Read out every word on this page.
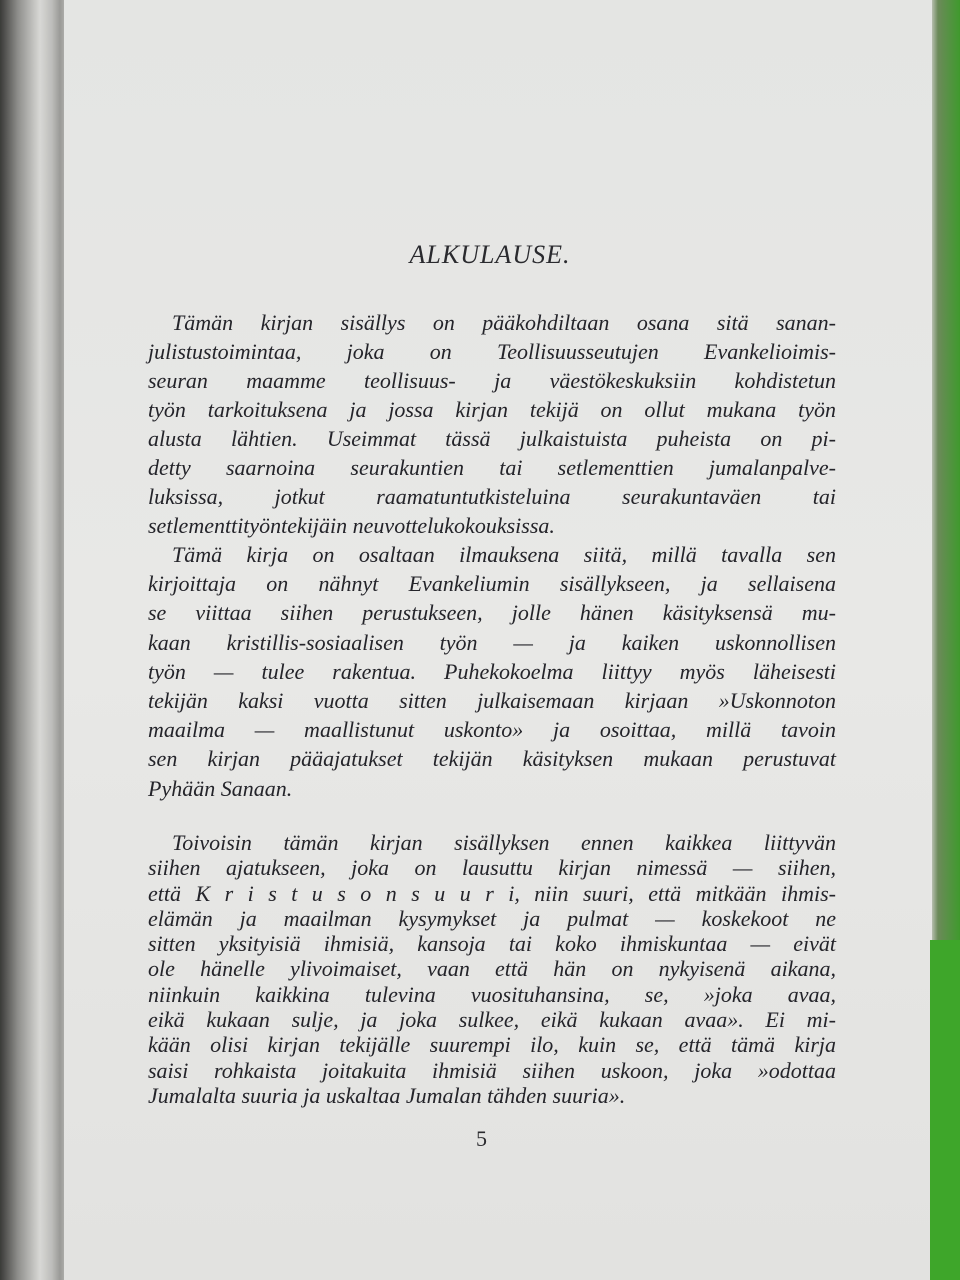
ALKULAUSE.
Tämän kirjan sisällys on pääkohdiltaan osana sitä sanan-
julistustoimintaa, joka on Teollisuusseutujen Evankelioimis-
seuran maamme teollisuus- ja väestökeskuksiin kohdistetun
työn tarkoituksena ja jossa kirjan tekijä on ollut mukana työn
alusta lähtien. Useimmat tässä julkaistuista puheista on pi-
detty saarnoina seurakuntien tai setlementtien jumalanpalve-
luksissa, jotkut raamatuntutkisteluina seurakuntaväen tai
setlementtityöntekijäin neuvottelukokouksissa.
Tämä kirja on osaltaan ilmauksena siitä, millä tavalla sen
kirjoittaja on nähnyt Evankeliumin sisällykseen, ja sellaisena
se viittaa siihen perustukseen, jolle hänen käsityksensä mu-
kaan kristillis-sosiaalisen työn — ja kaiken uskonnollisen
työn — tulee rakentua. Puhekokoelma liittyy myös läheisesti
tekijän kaksi vuotta sitten julkaisemaan kirjaan »Uskonnoton
maailma — maallistunut uskonto» ja osoittaa, millä tavoin
sen kirjan pääajatukset tekijän käsityksen mukaan perustuvat
Pyhään Sanaan.
Toivoisin tämän kirjan sisällyksen ennen kaikkea liittyvän
siihen ajatukseen, joka on lausuttu kirjan nimessä — siihen,
että K r i s t u s o n s u u r i, niin suuri, että mitkään ihmis-
elämän ja maailman kysymykset ja pulmat — koskekoot ne
sitten yksityisiä ihmisiä, kansoja tai koko ihmiskuntaa — eivät
ole hänelle ylivoimaiset, vaan että hän on nykyisenä aikana,
niinkuin kaikkina tulevina vuosituhansina, se, »joka avaa,
eikä kukaan sulje, ja joka sulkee, eikä kukaan avaa». Ei mi-
kään olisi kirjan tekijälle suurempi ilo, kuin se, että tämä kirja
saisi rohkaista joitakuita ihmisiä siihen uskoon, joka »odottaa
Jumalalta suuria ja uskaltaa Jumalan tähden suuria».
5
